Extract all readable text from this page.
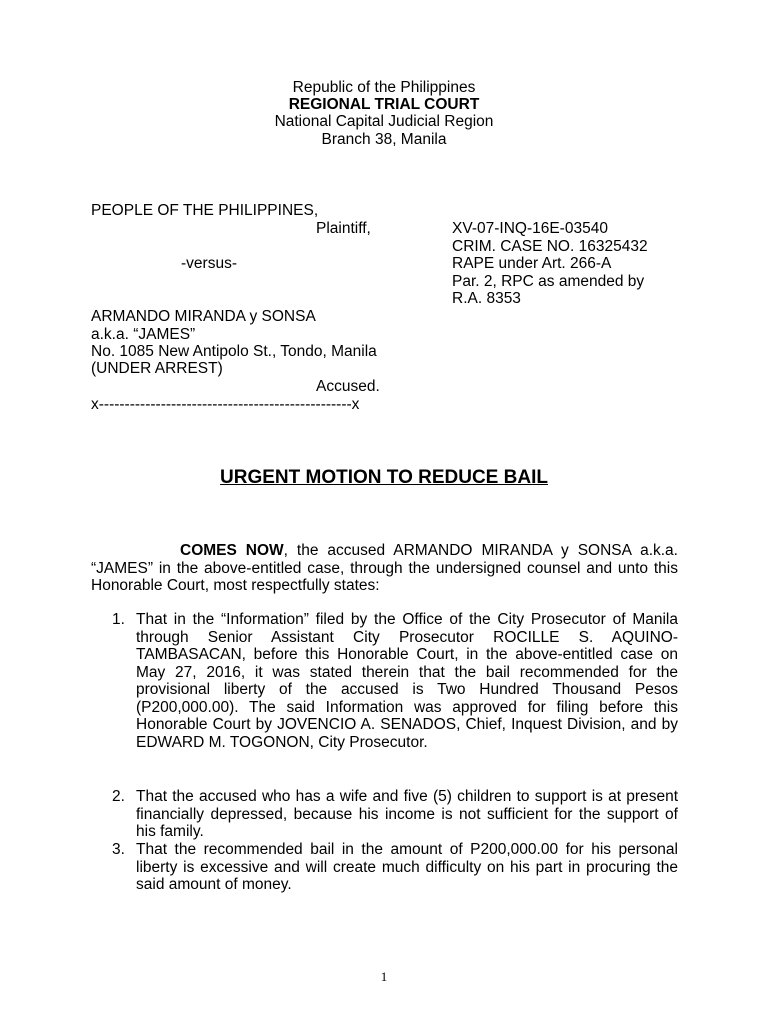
Republic of the Philippines
REGIONAL TRIAL COURT
National Capital Judicial Region
Branch 38, Manila
PEOPLE OF THE PHILIPPINES,
Plaintiff,
-versus-
ARMANDO MIRANDA y SONSA
a.k.a. “JAMES”
No. 1085 New Antipolo St., Tondo, Manila
(UNDER ARREST)
Accused.
x-------------------------------------------------x
XV-07-INQ-16E-03540
CRIM. CASE NO. 16325432
RAPE under Art. 266-A
Par. 2, RPC as amended by
R.A. 8353
URGENT MOTION TO REDUCE BAIL
COMES NOW, the accused ARMANDO MIRANDA y SONSA a.k.a. “JAMES” in the above-entitled case, through the undersigned counsel and unto this Honorable Court, most respectfully states:
1. That in the “Information” filed by the Office of the City Prosecutor of Manila through Senior Assistant City Prosecutor ROCILLE S. AQUINO-TAMBASACAN, before this Honorable Court, in the above-entitled case on May 27, 2016, it was stated therein that the bail recommended for the provisional liberty of the accused is Two Hundred Thousand Pesos (P200,000.00). The said Information was approved for filing before this Honorable Court by JOVENCIO A. SENADOS, Chief, Inquest Division, and by EDWARD M. TOGONON, City Prosecutor.
2. That the accused who has a wife and five (5) children to support is at present financially depressed, because his income is not sufficient for the support of his family.
3. That the recommended bail in the amount of P200,000.00 for his personal liberty is excessive and will create much difficulty on his part in procuring the said amount of money.
1
